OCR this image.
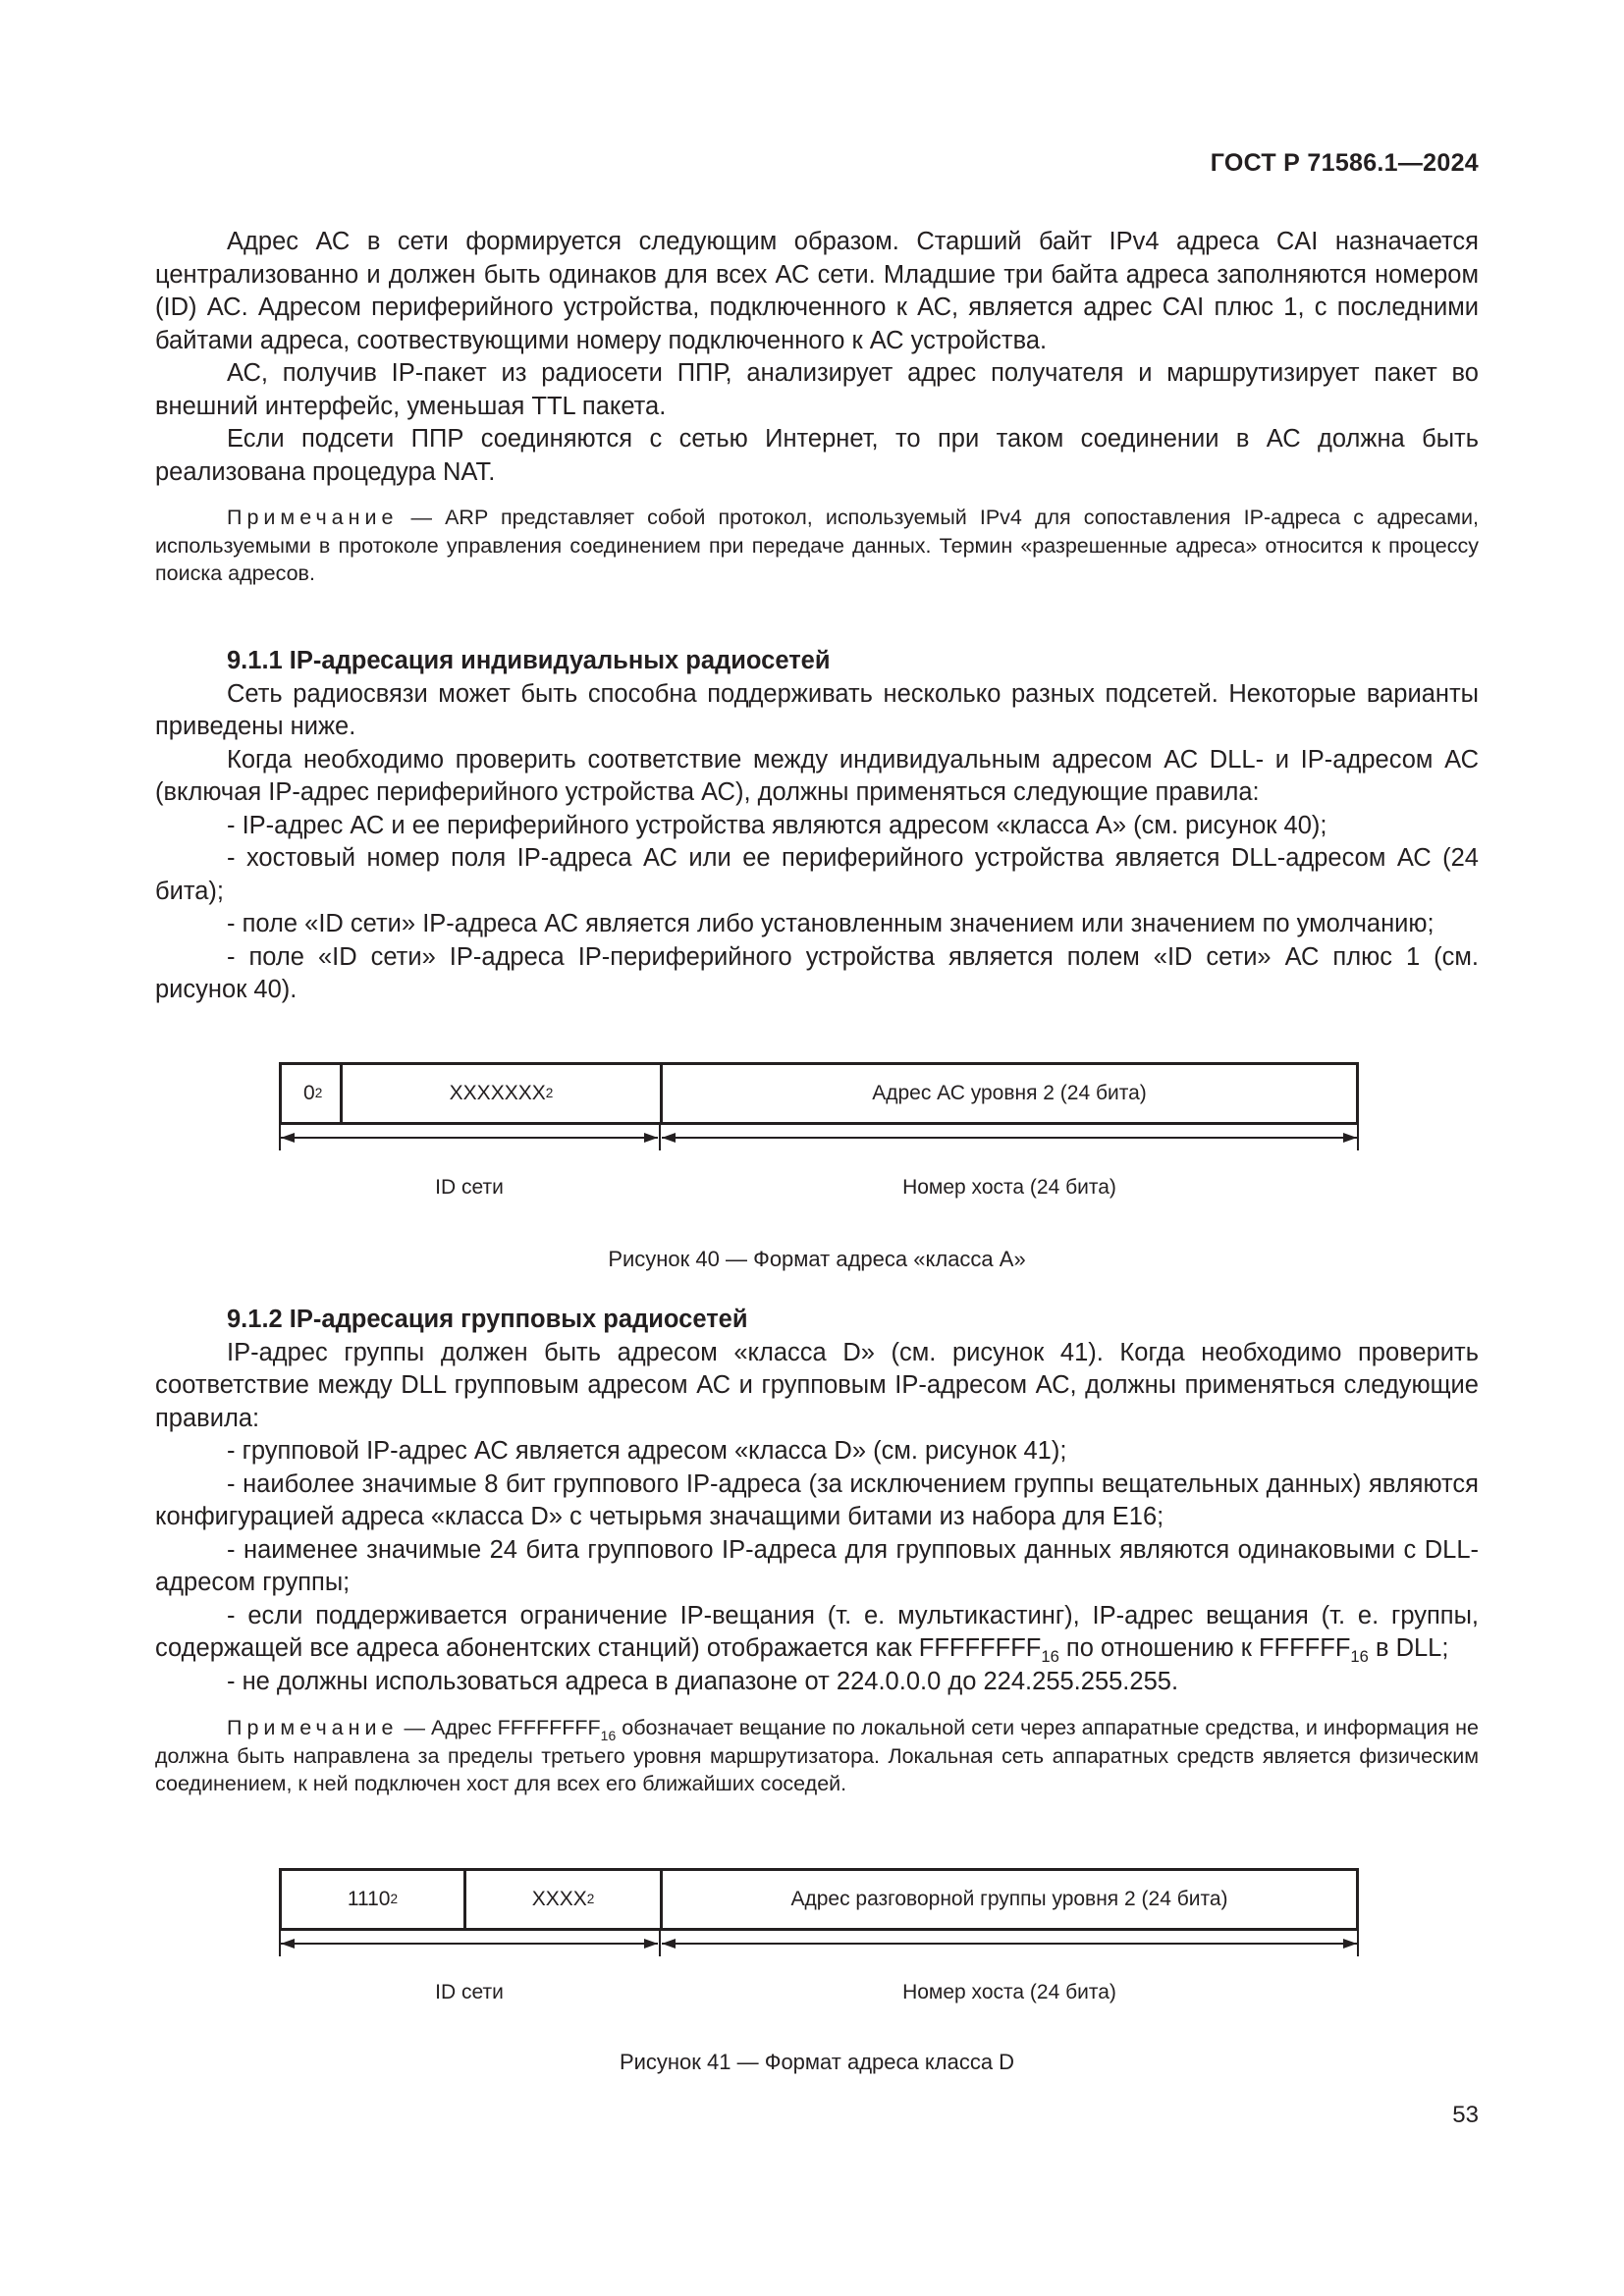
ГОСТ Р 71586.1—2024

Адрес АС в сети формируется следующим образом. Старший байт IPv4 адреса CAI назначается централизованно и должен быть одинаков для всех АС сети. Младшие три байта адреса заполняются номером (ID) АС. Адресом периферийного устройства, подключенного к АС, является адрес CAI плюс 1, с последними байтами адреса, соотвествующими номеру подключенного к АС устройства.

АС, получив IP-пакет из радиосети ППР, анализирует адрес получателя и маршрутизирует пакет во внешний интерфейс, уменьшая TTL пакета.

Если подсети ППР соединяются с сетью Интернет, то при таком соединении в АС должна быть реализована процедура NAT.

Примечание — ARP представляет собой протокол, используемый IPv4 для сопоставления IP-адреса с адресами, используемыми в протоколе управления соединением при передаче данных. Термин «разрешенные адреса» относится к процессу поиска адресов.

9.1.1 IP-адресация индивидуальных радиосетей

Сеть радиосвязи может быть способна поддерживать несколько разных подсетей. Некоторые варианты приведены ниже.

Когда необходимо проверить соответствие между индивидуальным адресом АС DLL- и IP-адресом АС (включая IP-адрес периферийного устройства АС), должны применяться следующие правила:

- IP-адрес АС и ее периферийного устройства являются адресом «класса А» (см. рисунок 40);

- хостовый номер поля IP-адреса АС или ее периферийного устройства является DLL-адресом АС (24 бита);

- поле «ID сети» IP-адреса АС является либо установленным значением или значением по умолчанию;

- поле «ID сети» IP-адреса IP-периферийного устройства является полем «ID сети» АС плюс 1 (см. рисунок 40).

0 2	XXXXXXX 2	Адрес АС уровня 2 (24 бита)
ID сети	Номер хоста (24 бита)
Рисунок 40 — Формат адреса «класса А»
9.1.2 IP-адресация групповых радиосетей

IP-адрес группы должен быть адресом «класса D» (см. рисунок 41). Когда необходимо проверить соответствие между DLL групповым адресом АС и групповым IP-адресом АС, должны применяться следующие правила:

- групповой IP-адрес АС является адресом «класса D» (см. рисунок 41);

- наиболее значимые 8 бит группового IP-адреса (за исключением группы вещательных данных) являются конфигурацией адреса «класса D» с четырьмя значащими битами из набора для E16;

- наименее значимые 24 бита группового IP-адреса для групповых данных являются одинаковыми с DLL-адресом группы;

- если поддерживается ограничение IP-вещания (т. е. мультикастинг), IP-адрес вещания (т. е. группы, содержащей все адреса абонентских станций) отображается как $FFFFFFFF_{16}$ по отношению к $FFFFFF_{16}$ в DLL;

- не должны использоваться адреса в диапазоне от 224.0.0.0 до 224.255.255.255.

Примечание — Адрес $FFFFFFFF_{16}$ обозначает вещание по локальной сети через аппаратные средства, и информация не должна быть направлена за пределы третьего уровня маршрутизатора. Локальная сеть аппаратных средств является физическим соединением, к ней подключен хост для всех его ближайших соседей.

1110 2	XXXX 2	Адрес разговорной группы уровня 2 (24 бита)
ID сети	Номер хоста (24 бита)
Рисунок 41 — Формат адреса класса D
53
